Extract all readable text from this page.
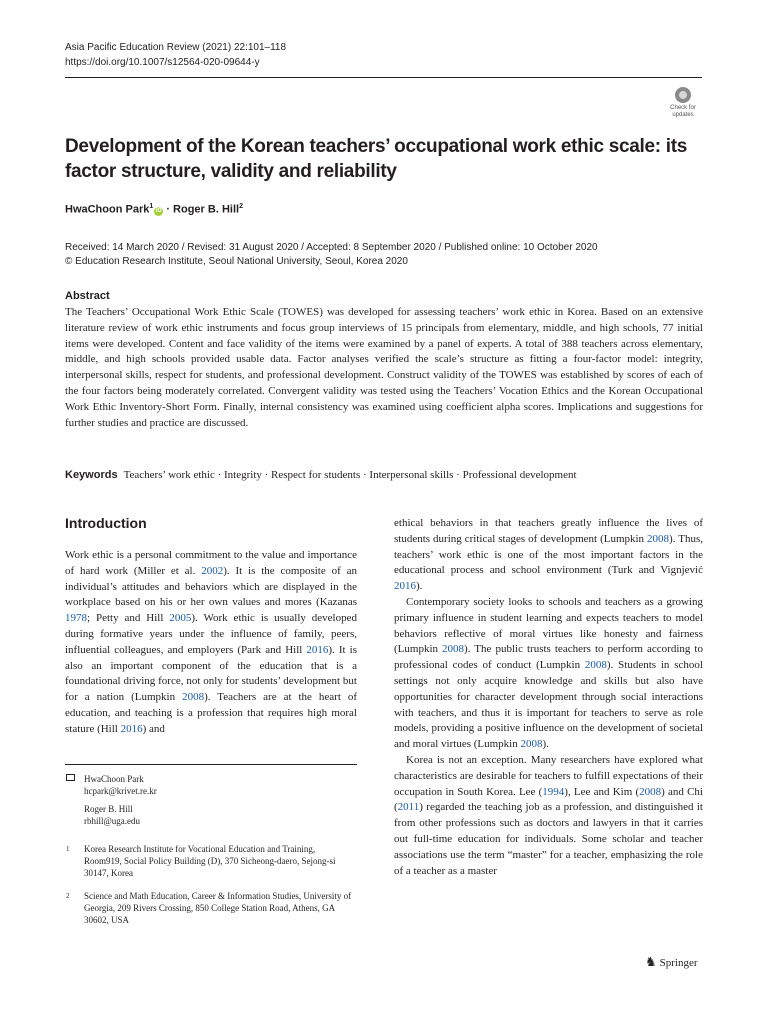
Asia Pacific Education Review (2021) 22:101–118
https://doi.org/10.1007/s12564-020-09644-y
Check for
updates
Development of the Korean teachers’ occupational work ethic scale: its factor structure, validity and reliability
HwaChoon Park$^1$iD · Roger B. Hill$^2$
Received: 14 March 2020 / Revised: 31 August 2020 / Accepted: 8 September 2020 / Published online: 10 October 2020
© Education Research Institute, Seoul National University, Seoul, Korea 2020
Abstract
The Teachers’ Occupational Work Ethic Scale (TOWES) was developed for assessing teachers’ work ethic in Korea. Based on an extensive literature review of work ethic instruments and focus group interviews of 15 principals from elementary, middle, and high schools, 77 initial items were developed. Content and face validity of the items were examined by a panel of experts. A total of 388 teachers across elementary, middle, and high schools provided usable data. Factor analyses verified the scale’s structure as fitting a four-factor model: integrity, interpersonal skills, respect for students, and professional development. Construct validity of the TOWES was established by scores of each of the four factors being moderately correlated. Convergent validity was tested using the Teachers’ Vocation Ethics and the Korean Occupational Work Ethic Inventory-Short Form. Finally, internal consistency was examined using coefficient alpha scores. Implications and suggestions for further studies and practice are discussed.
Keywords Teachers’ work ethic · Integrity · Respect for students · Interpersonal skills · Professional development
Introduction

Work ethic is a personal commitment to the value and importance of hard work (Miller et al. 2002). It is the composite of an individual’s attitudes and behaviors which are displayed in the workplace based on his or her own values and mores (Kazanas 1978; Petty and Hill 2005). Work ethic is usually developed during formative years under the influence of family, peers, influential colleagues, and employers (Park and Hill 2016). It is also an important component of the education that is a foundational driving force, not only for students’ development but for a nation (Lumpkin 2008). Teachers are at the heart of education, and teaching is a profession that requires high moral stature (Hill 2016) and

ethical behaviors in that teachers greatly influence the lives of students during critical stages of development (Lumpkin 2008). Thus, teachers’ work ethic is one of the most important factors in the educational process and school environment (Turk and Vignjević 2016).

Contemporary society looks to schools and teachers as a growing primary influence in student learning and expects teachers to model behaviors reflective of moral virtues like honesty and fairness (Lumpkin 2008). The public trusts teachers to perform according to professional codes of conduct (Lumpkin 2008). Students in school settings not only acquire knowledge and skills but also have opportunities for character development through social interactions with teachers, and thus it is important for teachers to serve as role models, providing a positive influence on the development of societal and moral virtues (Lumpkin 2008).

Korea is not an exception. Many researchers have explored what characteristics are desirable for teachers to fulfill expectations of their occupation in South Korea. Lee (1994), Lee and Kim (2008) and Chi (2011) regarded the teaching job as a profession, and distinguished it from other professions such as doctors and lawyers in that it carries out full-time education for individuals. Some scholar and teacher associations use the term “master” for a teacher, emphasizing the role of a teacher as a master

HwaChoon Park
hcpark@krivet.re.kr
Roger B. Hill
rbhill@uga.edu
1 Korea Research Institute for Vocational Education and Training, Room919, Social Policy Building (D), 370 Sicheong-daero, Sejong-si 30147, Korea
2 Science and Math Education, Career & Information Studies, University of Georgia, 209 Rivers Crossing, 850 College Station Road, Athens, GA 30602, USA
♞ Springer
